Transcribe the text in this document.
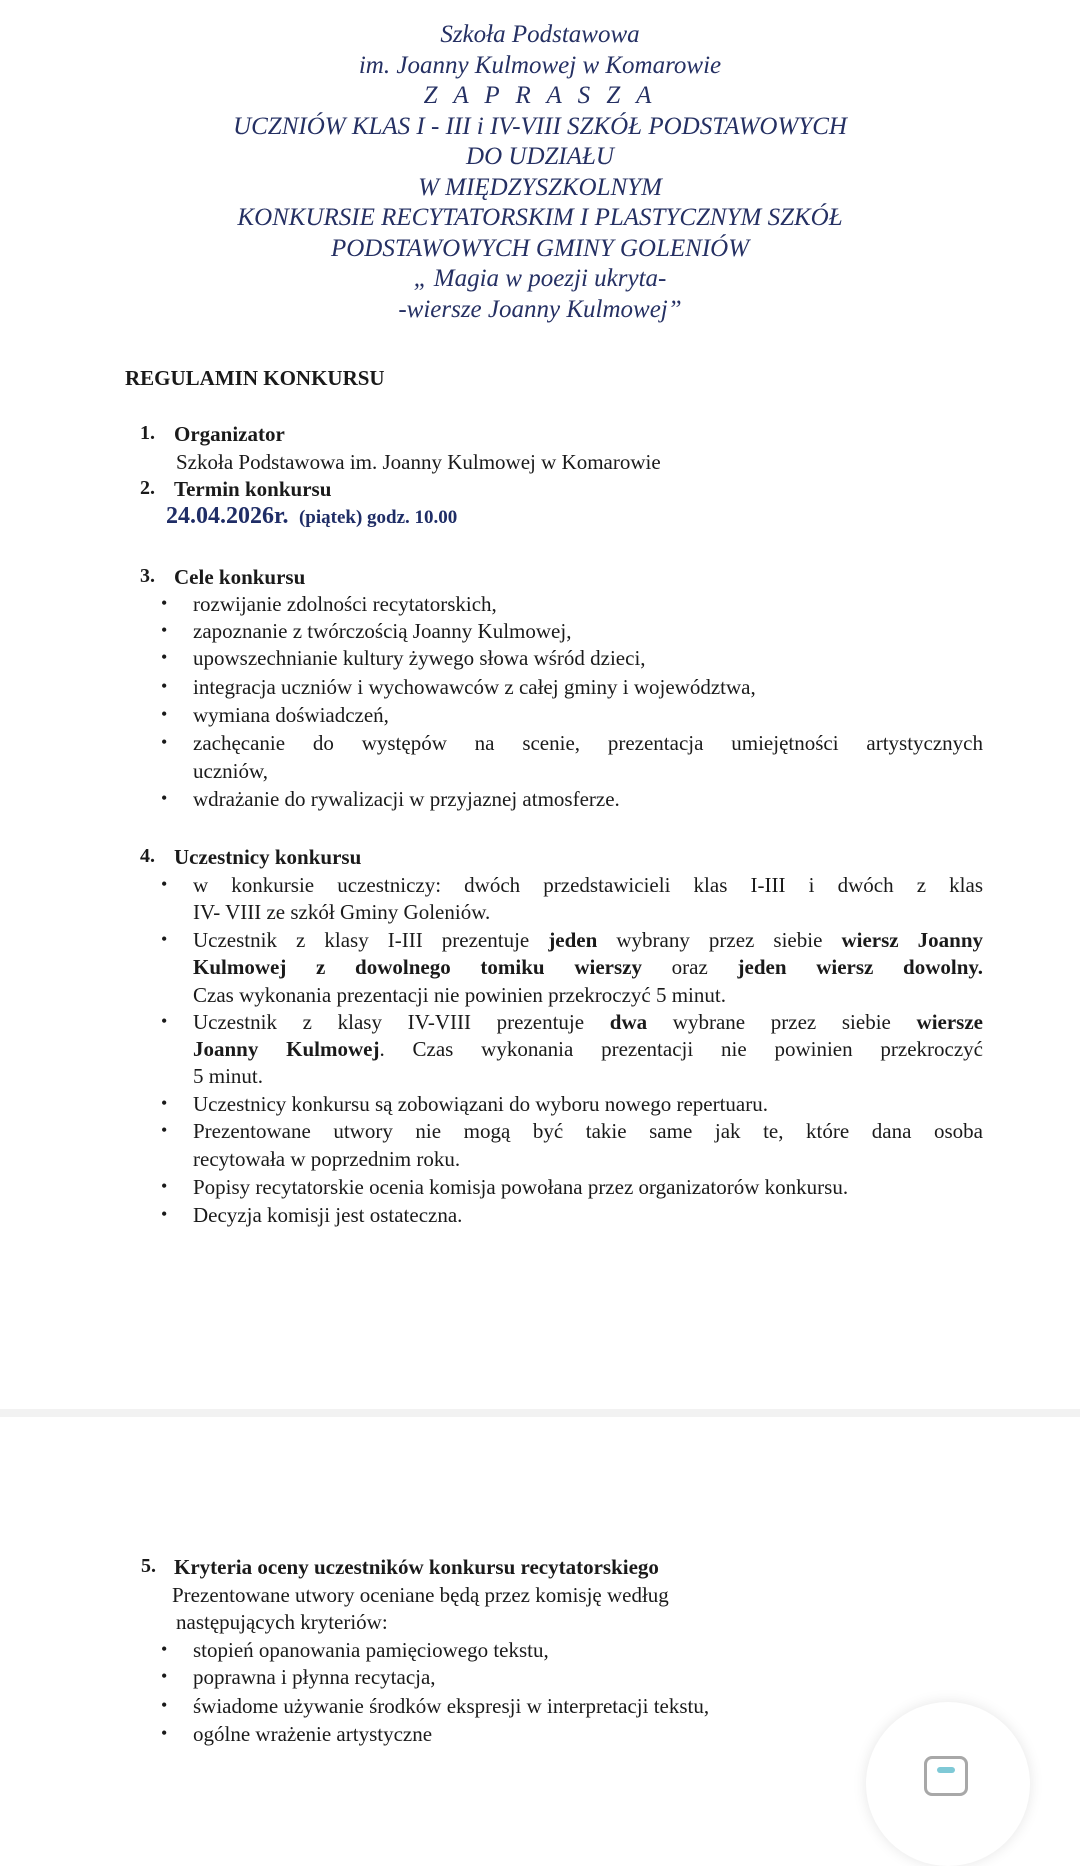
Szkoła Podstawowa
im. Joanny Kulmowej w Komarowie
Z A P R A S Z A
UCZNIÓW KLAS I - III i IV-VIII SZKÓŁ PODSTAWOWYCH
DO UDZIAŁU
W MIĘDZYSZKOLNYM
KONKURSIE RECYTATORSKIM I PLASTYCZNYM SZKÓŁ
PODSTAWOWYCH GMINY GOLENIÓW
„ Magia w poezji ukryta-
-wiersze Joanny Kulmowej”
REGULAMIN KONKURSU
1. Organizator
Szkoła Podstawowa im. Joanny Kulmowej w Komarowie
2. Termin konkursu
24.04.2026r. (piątek) godz. 10.00
3. Cele konkursu
• rozwijanie zdolności recytatorskich,
• zapoznanie z twórczością Joanny Kulmowej,
• upowszechnianie kultury żywego słowa wśród dzieci,
• integracja uczniów i wychowawców z całej gminy i województwa,
• wymiana doświadczeń,
• zachęcanie do występów na scenie, prezentacja umiejętności artystycznych
uczniów,
• wdrażanie do rywalizacji w przyjaznej atmosferze.
4. Uczestnicy konkursu
• w konkursie uczestniczy: dwóch przedstawicieli klas I-III i dwóch z klas
IV- VIII ze szkół Gminy Goleniów.
• Uczestnik z klasy I-III prezentuje jeden wybrany przez siebie wiersz Joanny
Kulmowej z dowolnego tomiku wierszy oraz jeden wiersz dowolny.
Czas wykonania prezentacji nie powinien przekroczyć 5 minut.
• Uczestnik z klasy IV-VIII prezentuje dwa wybrane przez siebie wiersze
Joanny Kulmowej. Czas wykonania prezentacji nie powinien przekroczyć
5 minut.
• Uczestnicy konkursu są zobowiązani do wyboru nowego repertuaru.
• Prezentowane utwory nie mogą być takie same jak te, które dana osoba
recytowała w poprzednim roku.
• Popisy recytatorskie ocenia komisja powołana przez organizatorów konkursu.
• Decyzja komisji jest ostateczna.
5. Kryteria oceny uczestników konkursu recytatorskiego
Prezentowane utwory oceniane będą przez komisję według
następujących kryteriów:
• stopień opanowania pamięciowego tekstu,
• poprawna i płynna recytacja,
• świadome używanie środków ekspresji w interpretacji tekstu,
• ogólne wrażenie artystyczne
